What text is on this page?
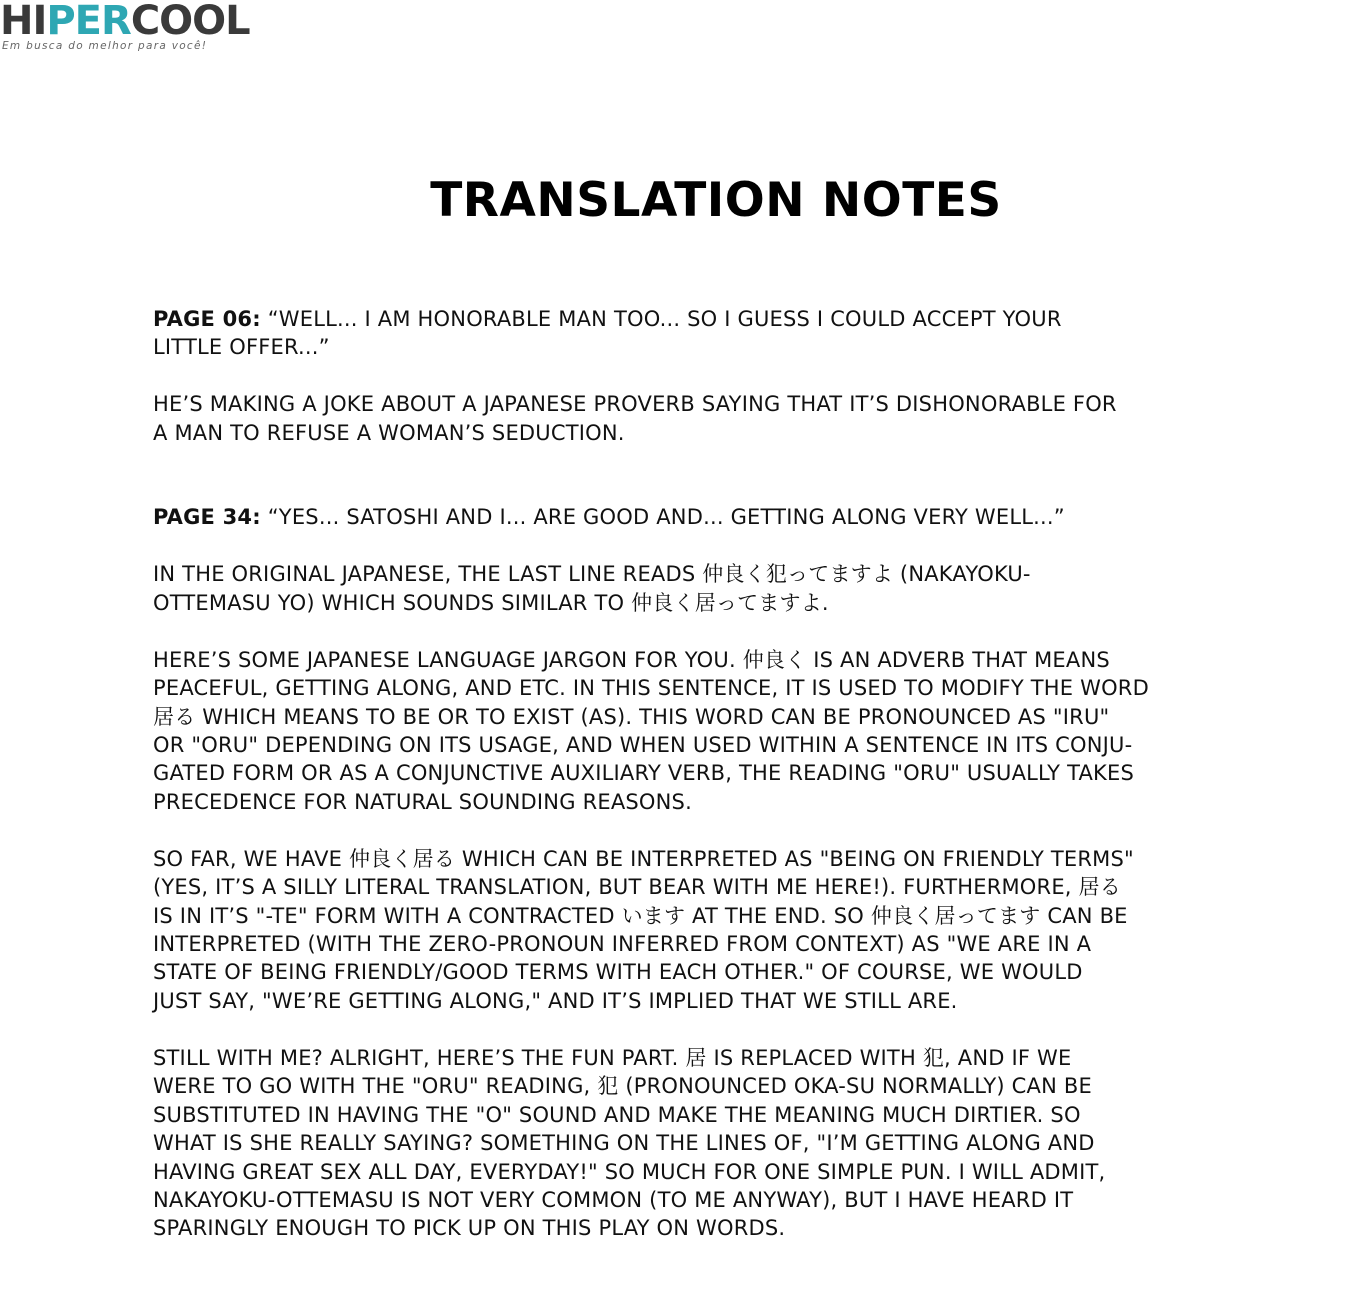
HIPERCOOL
Em busca do melhor para você!
TRANSLATION NOTES

PAGE 06: “WELL... I AM HONORABLE MAN TOO... SO I GUESS I COULD ACCEPT YOUR
LITTLE OFFER...”

HE’S MAKING A JOKE ABOUT A JAPANESE PROVERB SAYING THAT IT’S DISHONORABLE FOR
A MAN TO REFUSE A WOMAN’S SEDUCTION.

PAGE 34: “YES... SATOSHI AND I... ARE GOOD AND... GETTING ALONG VERY WELL...”

IN THE ORIGINAL JAPANESE, THE LAST LINE READS 仲良く犯ってますよ (NAKAYOKU-
OTTEMASU YO) WHICH SOUNDS SIMILAR TO 仲良く居ってますよ.

HERE’S SOME JAPANESE LANGUAGE JARGON FOR YOU. 仲良く IS AN ADVERB THAT MEANS
PEACEFUL, GETTING ALONG, AND ETC. IN THIS SENTENCE, IT IS USED TO MODIFY THE WORD
居る WHICH MEANS TO BE OR TO EXIST (AS). THIS WORD CAN BE PRONOUNCED AS "IRU"
OR "ORU" DEPENDING ON ITS USAGE, AND WHEN USED WITHIN A SENTENCE IN ITS CONJU-
GATED FORM OR AS A CONJUNCTIVE AUXILIARY VERB, THE READING "ORU" USUALLY TAKES
PRECEDENCE FOR NATURAL SOUNDING REASONS.

SO FAR, WE HAVE 仲良く居る WHICH CAN BE INTERPRETED AS "BEING ON FRIENDLY TERMS"
(YES, IT’S A SILLY LITERAL TRANSLATION, BUT BEAR WITH ME HERE!). FURTHERMORE, 居る
IS IN IT’S "-TE" FORM WITH A CONTRACTED います AT THE END. SO 仲良く居ってます CAN BE
INTERPRETED (WITH THE ZERO-PRONOUN INFERRED FROM CONTEXT) AS "WE ARE IN A
STATE OF BEING FRIENDLY/GOOD TERMS WITH EACH OTHER." OF COURSE, WE WOULD
JUST SAY, "WE’RE GETTING ALONG," AND IT’S IMPLIED THAT WE STILL ARE.

STILL WITH ME? ALRIGHT, HERE’S THE FUN PART. 居 IS REPLACED WITH 犯, AND IF WE
WERE TO GO WITH THE "ORU" READING, 犯 (PRONOUNCED OKA-SU NORMALLY) CAN BE
SUBSTITUTED IN HAVING THE "O" SOUND AND MAKE THE MEANING MUCH DIRTIER. SO
WHAT IS SHE REALLY SAYING? SOMETHING ON THE LINES OF, "I’M GETTING ALONG AND
HAVING GREAT SEX ALL DAY, EVERYDAY!" SO MUCH FOR ONE SIMPLE PUN. I WILL ADMIT,
NAKAYOKU-OTTEMASU IS NOT VERY COMMON (TO ME ANYWAY), BUT I HAVE HEARD IT
SPARINGLY ENOUGH TO PICK UP ON THIS PLAY ON WORDS.
